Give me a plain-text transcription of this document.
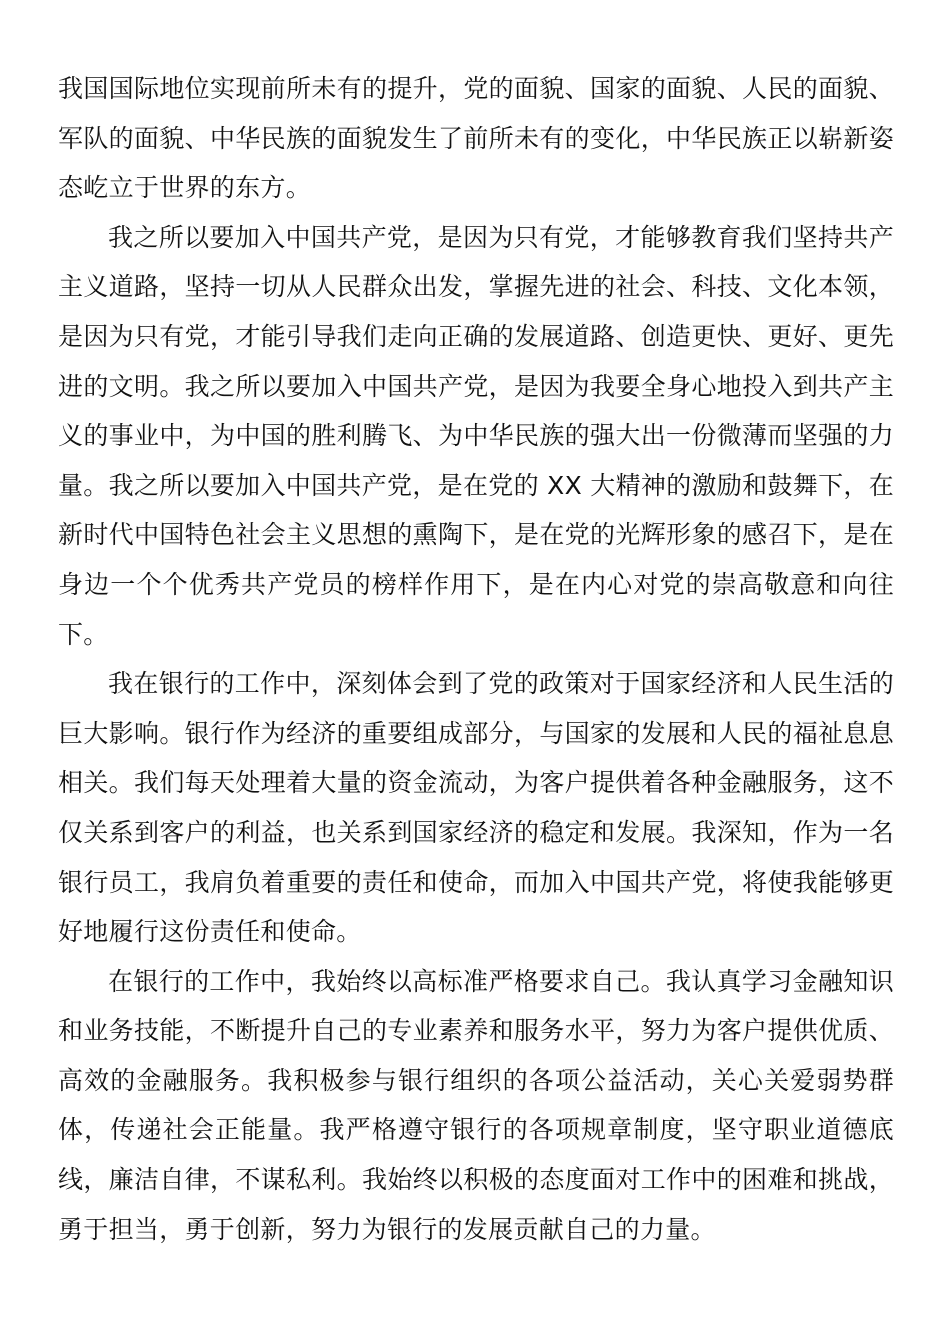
我国国际地位实现前所未有的提升，党的面貌、国家的面貌、人民的面貌、军队的面貌、中华民族的面貌发生了前所未有的变化，中华民族正以崭新姿态屹立于世界的东方。

我之所以要加入中国共产党，是因为只有党，才能够教育我们坚持共产主义道路，坚持一切从人民群众出发，掌握先进的社会、科技、文化本领，是因为只有党，才能引导我们走向正确的发展道路、创造更快、更好、更先进的文明。我之所以要加入中国共产党，是因为我要全身心地投入到共产主义的事业中，为中国的胜利腾飞、为中华民族的强大出一份微薄而坚强的力量。我之所以要加入中国共产党，是在党的 XX 大精神的激励和鼓舞下，在新时代中国特色社会主义思想的熏陶下，是在党的光辉形象的感召下，是在身边一个个优秀共产党员的榜样作用下，是在内心对党的崇高敬意和向往下。

我在银行的工作中，深刻体会到了党的政策对于国家经济和人民生活的巨大影响。银行作为经济的重要组成部分，与国家的发展和人民的福祉息息相关。我们每天处理着大量的资金流动，为客户提供着各种金融服务，这不仅关系到客户的利益，也关系到国家经济的稳定和发展。我深知，作为一名银行员工，我肩负着重要的责任和使命，而加入中国共产党，将使我能够更好地履行这份责任和使命。

在银行的工作中，我始终以高标准严格要求自己。我认真学习金融知识和业务技能，不断提升自己的专业素养和服务水平，努力为客户提供优质、高效的金融服务。我积极参与银行组织的各项公益活动，关心关爱弱势群体，传递社会正能量。我严格遵守银行的各项规章制度，坚守职业道德底线，廉洁自律，不谋私利。我始终以积极的态度面对工作中的困难和挑战，勇于担当，勇于创新，努力为银行的发展贡献自己的力量。
